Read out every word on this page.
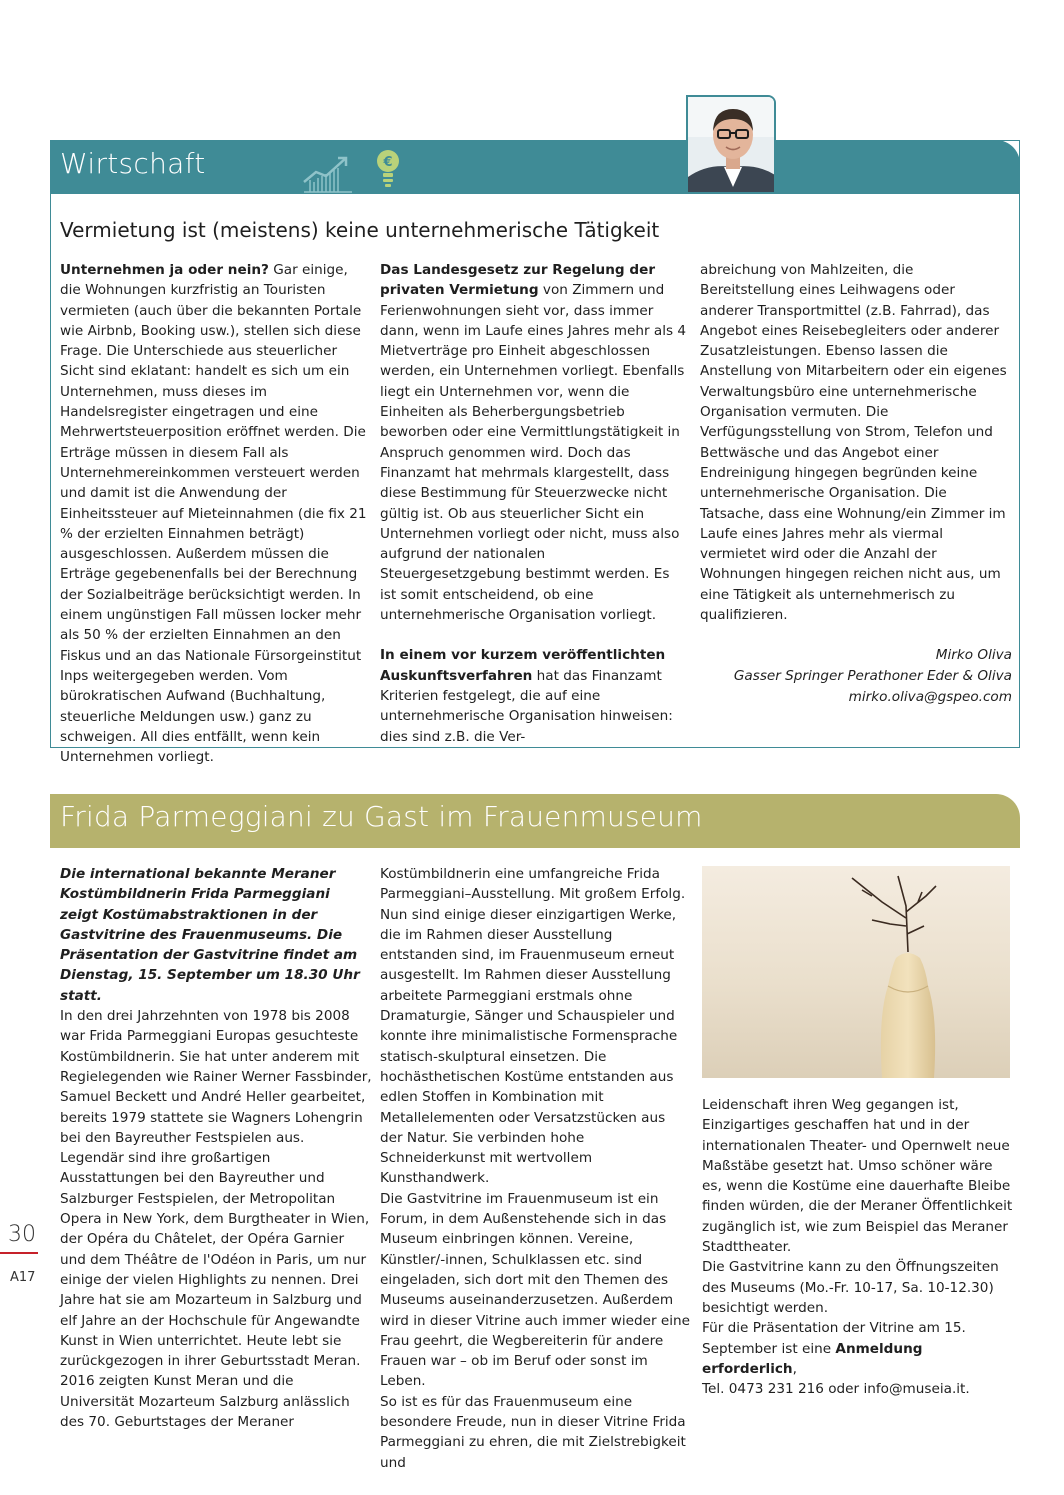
Wirtschaft	€
Vermietung ist (meistens) keine unternehmerische Tätigkeit

Unternehmen ja oder nein? Gar einige, die Wohnungen kurzfristig an Touristen vermieten (auch über die bekannten Portale wie Airbnb, Booking usw.), stellen sich diese Frage. Die Unterschiede aus steuerlicher Sicht sind eklatant: handelt es sich um ein Unternehmen, muss dieses im Handelsregister eingetragen und eine Mehrwertsteuerposition eröffnet werden. Die Erträge müssen in diesem Fall als Unternehmereinkommen versteuert werden und damit ist die Anwendung der Einheitssteuer auf Mieteinnahmen (die fix 21 % der erzielten Einnahmen beträgt) ausgeschlossen. Außerdem müssen die Erträge gegebenenfalls bei der Berechnung der Sozialbeiträge berücksichtigt werden. In einem ungünstigen Fall müssen locker mehr als 50 % der erzielten Einnahmen an den Fiskus und an das Nationale Fürsorgeinstitut Inps weitergegeben werden. Vom bürokratischen Aufwand (Buchhaltung, steuerliche Meldungen usw.) ganz zu schweigen. All dies entfällt, wenn kein Unternehmen vorliegt.

Das Landesgesetz zur Regelung der privaten Vermietung von Zimmern und Ferienwohnungen sieht vor, dass immer dann, wenn im Laufe eines Jahres mehr als 4 Mietverträge pro Einheit abgeschlossen werden, ein Unternehmen vorliegt. Ebenfalls liegt ein Unternehmen vor, wenn die Einheiten als Beherbergungsbetrieb beworben oder eine Vermittlungstätigkeit in Anspruch genommen wird. Doch das Finanzamt hat mehrmals klargestellt, dass diese Bestimmung für Steuerzwecke nicht gültig ist. Ob aus steuerlicher Sicht ein Unternehmen vorliegt oder nicht, muss also aufgrund der nationalen Steuergesetzgebung bestimmt werden. Es ist somit entscheidend, ob eine unternehmerische Organisation vorliegt.

In einem vor kurzem veröffentlichten Auskunftsverfahren hat das Finanzamt Kriterien festgelegt, die auf eine unternehmerische Organisation hinweisen: dies sind z.B. die Ver-

abreichung von Mahlzeiten, die Bereitstellung eines Leihwagens oder anderer Transportmittel (z.B. Fahrrad), das Angebot eines Reisebegleiters oder anderer Zusatzleistungen. Ebenso lassen die Anstellung von Mitarbeitern oder ein eigenes Verwaltungsbüro eine unternehmerische Organisation vermuten. Die Verfügungsstellung von Strom, Telefon und Bettwäsche und das Angebot einer Endreinigung hingegen begründen keine unternehmerische Organisation. Die Tatsache, dass eine Wohnung/ein Zimmer im Laufe eines Jahres mehr als viermal vermietet wird oder die Anzahl der Wohnungen hingegen reichen nicht aus, um eine Tätigkeit als unternehmerisch zu qualifizieren.

Mirko Oliva
Gasser Springer Perathoner Eder & Oliva
mirko.oliva@gspeo.com
Frida Parmeggiani zu Gast im Frauenmuseum

Die international bekannte Meraner Kostümbildnerin Frida Parmeggiani zeigt Kostümabstraktionen in der Gastvitrine des Frauenmuseums. Die Präsentation der Gastvitrine findet am Dienstag, 15. September um 18.30 Uhr statt.

In den drei Jahrzehnten von 1978 bis 2008 war Frida Parmeggiani Europas gesuchteste Kostümbildnerin. Sie hat unter anderem mit Regielegenden wie Rainer Werner Fassbinder, Samuel Beckett und André Heller gearbeitet, bereits 1979 stattete sie Wagners Lohengrin bei den Bayreuther Festspielen aus. Legendär sind ihre großartigen Ausstattungen bei den Bayreuther und Salzburger Festspielen, der Metropolitan Opera in New York, dem Burgtheater in Wien, der Opéra du Châtelet, der Opéra Garnier und dem Théâtre de l'Odéon in Paris, um nur einige der vielen Highlights zu nennen. Drei Jahre hat sie am Mozarteum in Salzburg und elf Jahre an der Hochschule für Angewandte Kunst in Wien unterrichtet. Heute lebt sie zurückgezogen in ihrer Geburtsstadt Meran. 2016 zeigten Kunst Meran und die Universität Mozarteum Salzburg anlässlich des 70. Geburtstages der Meraner

Kostümbildnerin eine umfangreiche Frida Parmeggiani–Ausstellung. Mit großem Erfolg. Nun sind einige dieser einzigartigen Werke, die im Rahmen dieser Ausstellung entstanden sind, im Frauenmuseum erneut ausgestellt. Im Rahmen dieser Ausstellung arbeitete Parmeggiani erstmals ohne Dramaturgie, Sänger und Schauspieler und konnte ihre minimalistische Formensprache statisch-skulptural einsetzen. Die hochästhetischen Kostüme entstanden aus edlen Stoffen in Kombination mit Metallelementen oder Versatzstücken aus der Natur. Sie verbinden hohe Schneiderkunst mit wertvollem Kunsthandwerk.

Die Gastvitrine im Frauenmuseum ist ein Forum, in dem Außenstehende sich in das Museum einbringen können. Vereine, Künstler/-innen, Schulklassen etc. sind eingeladen, sich dort mit den Themen des Museums auseinanderzusetzen. Außerdem wird in dieser Vitrine auch immer wieder eine Frau geehrt, die Wegbereiterin für andere Frauen war – ob im Beruf oder sonst im Leben.

So ist es für das Frauenmuseum eine besondere Freude, nun in dieser Vitrine Frida Parmeggiani zu ehren, die mit Zielstrebigkeit und

Leidenschaft ihren Weg gegangen ist, Einzigartiges geschaffen hat und in der internationalen Theater- und Opernwelt neue Maßstäbe gesetzt hat. Umso schöner wäre es, wenn die Kostüme eine dauerhafte Bleibe finden würden, die der Meraner Öffentlichkeit zugänglich ist, wie zum Beispiel das Meraner Stadttheater.

Die Gastvitrine kann zu den Öffnungszeiten des Museums (Mo.-Fr. 10-17, Sa. 10-12.30) besichtigt werden.

Für die Präsentation der Vitrine am 15. September ist eine Anmeldung erforderlich,

Tel. 0473 231 216 oder info@museia.it.

30
A17
